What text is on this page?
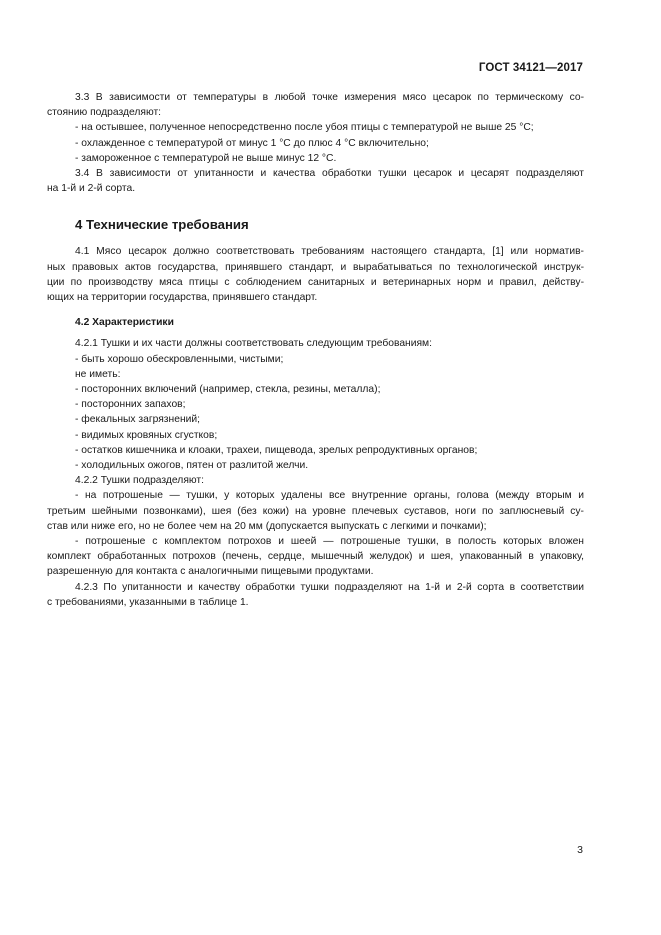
ГОСТ 34121—2017
3.3 В зависимости от температуры в любой точке измерения мясо цесарок по термическому со-
стоянию подразделяют:
- на остывшее, полученное непосредственно после убоя птицы с температурой не выше 25 °С;
- охлажденное с температурой от минус 1 °С до плюс 4 °С включительно;
- замороженное с температурой не выше минус 12 °С.
3.4 В зависимости от упитанности и качества обработки тушки цесарок и цесарят подразделяют
на 1-й и 2-й сорта.
4 Технические требования
4.1 Мясо цесарок должно соответствовать требованиям настоящего стандарта, [1] или норматив-
ных правовых актов государства, принявшего стандарт, и вырабатываться по технологической инструк-
ции по производству мяса птицы с соблюдением санитарных и ветеринарных норм и правил, действу-
ющих на территории государства, принявшего стандарт.
4.2 Характеристики
4.2.1 Тушки и их части должны соответствовать следующим требованиям:
- быть хорошо обескровленными, чистыми;
не иметь:
- посторонних включений (например, стекла, резины, металла);
- посторонних запахов;
- фекальных загрязнений;
- видимых кровяных сгустков;
- остатков кишечника и клоаки, трахеи, пищевода, зрелых репродуктивных органов;
- холодильных ожогов, пятен от разлитой желчи.
4.2.2 Тушки подразделяют:
- на потрошеные — тушки, у которых удалены все внутренние органы, голова (между вторым и
третьим шейными позвонками), шея (без кожи) на уровне плечевых суставов, ноги по заплюсневый су-
став или ниже его, но не более чем на 20 мм (допускается выпускать с легкими и почками);
- потрошеные с комплектом потрохов и шеей — потрошеные тушки, в полость которых вложен
комплект обработанных потрохов (печень, сердце, мышечный желудок) и шея, упакованный в упаковку,
разрешенную для контакта с аналогичными пищевыми продуктами.
4.2.3 По упитанности и качеству обработки тушки подразделяют на 1-й и 2-й сорта в соответствии
с требованиями, указанными в таблице 1.
3
